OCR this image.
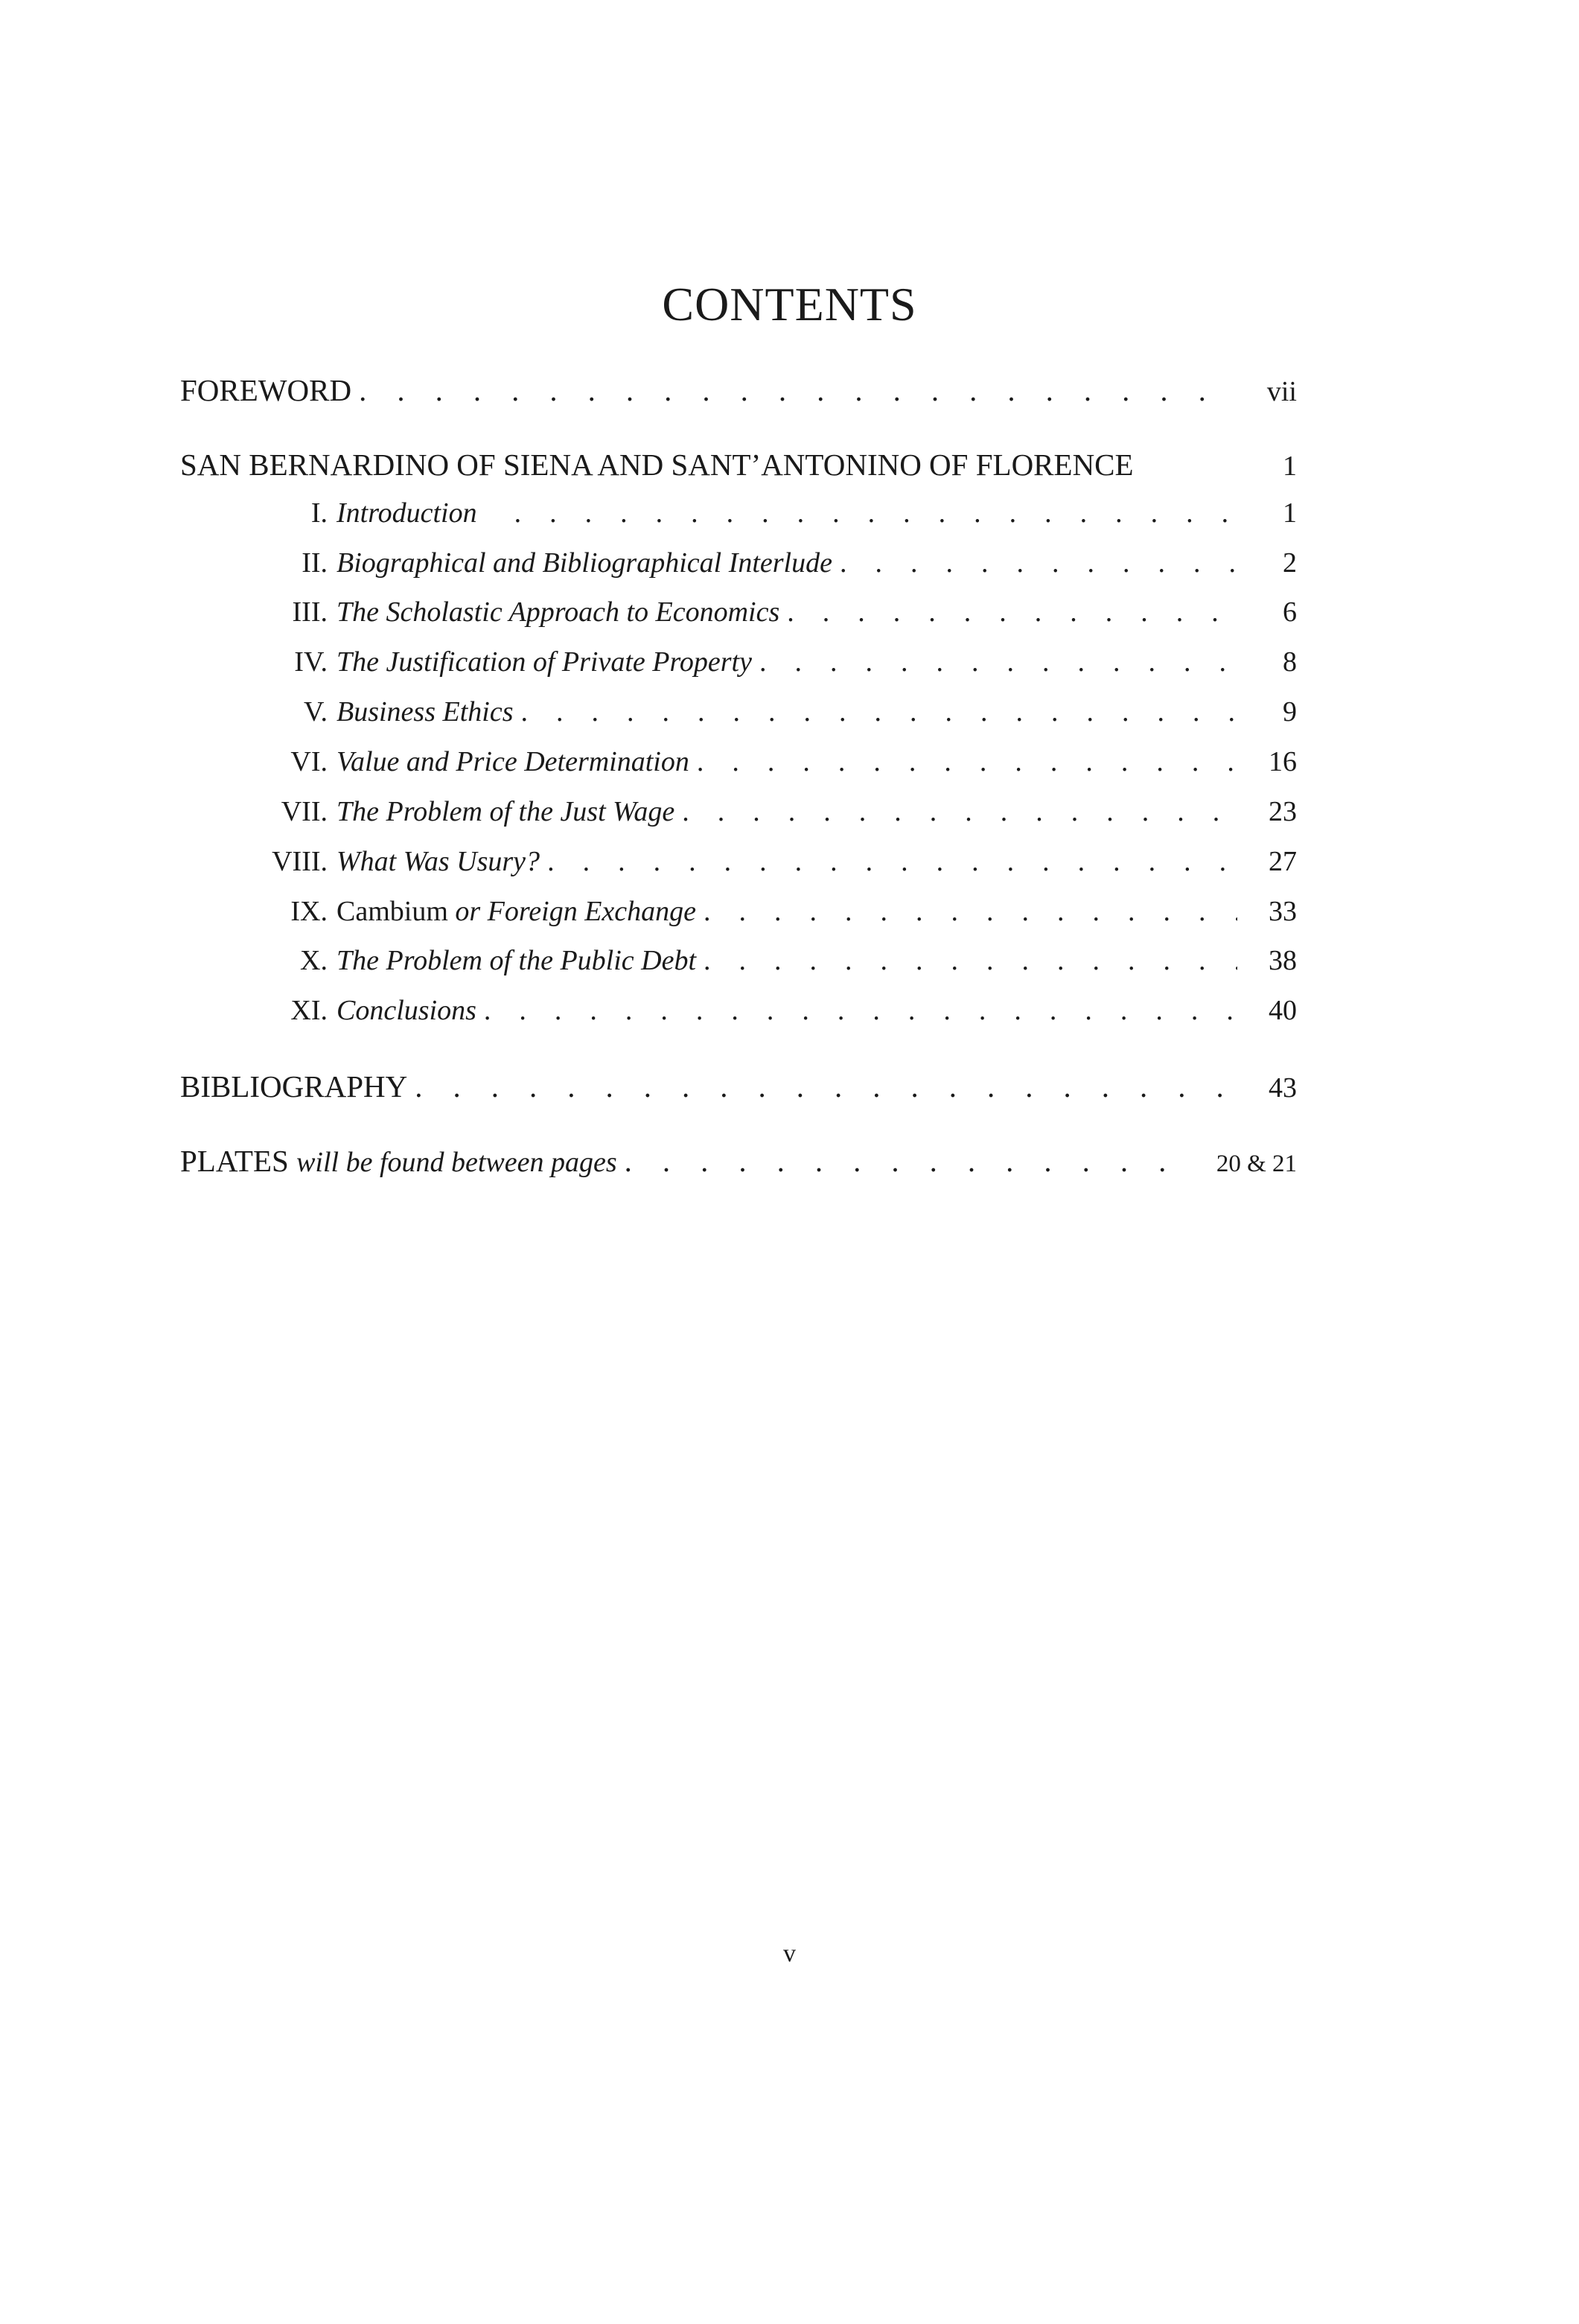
CONTENTS
FOREWORD .	vii
SAN BERNARDINO OF SIENA AND SANT’ANTONINO OF FLORENCE	1
I. Introduction .	1
II. Biographical and Bibliographical Interlude .	2
III. The Scholastic Approach to Economics .	6
IV. The Justification of Private Property .	8
V. Business Ethics .	9
VI. Value and Price Determination .	16
VII. The Problem of the Just Wage .	23
VIII. What Was Usury? .	27
IX. Cambium or Foreign Exchange .	33
X. The Problem of the Public Debt .	38
XI. Conclusions .	40
BIBLIOGRAPHY .	43
PLATES will be found between pages .	20 & 21
v
